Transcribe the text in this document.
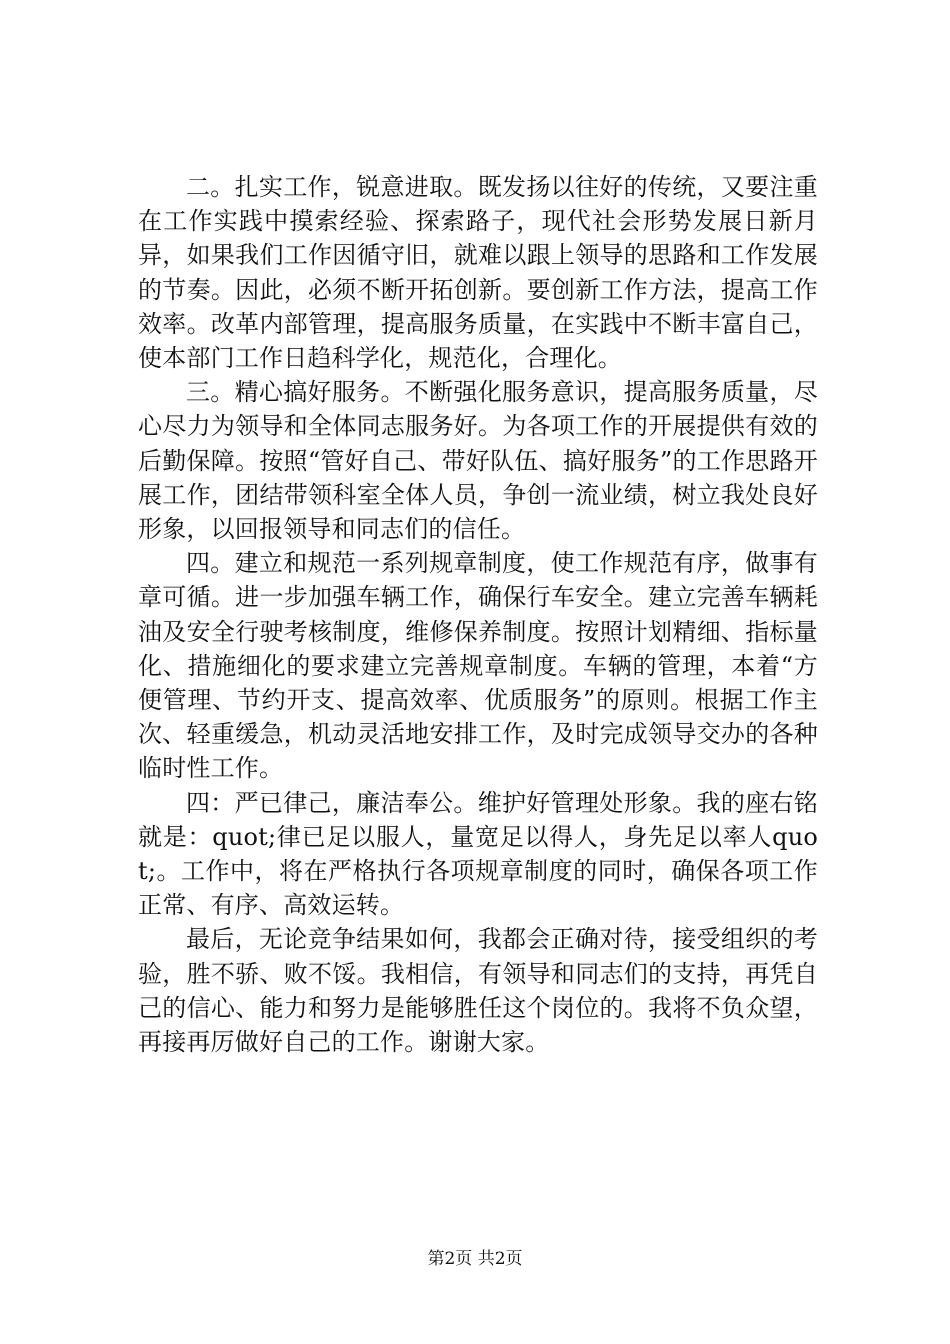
二。扎实工作，锐意进取。既发扬以往好的传统，又要注重在工作实践中摸索经验、探索路子，现代社会形势发展日新月异，如果我们工作因循守旧，就难以跟上领导的思路和工作发展的节奏。因此，必须不断开拓创新。要创新工作方法，提高工作效率。改革内部管理，提高服务质量，在实践中不断丰富自己，使本部门工作日趋科学化，规范化，合理化。

三。精心搞好服务。不断强化服务意识，提高服务质量，尽心尽力为领导和全体同志服务好。为各项工作的开展提供有效的后勤保障。按照“管好自己、带好队伍、搞好服务”的工作思路开展工作，团结带领科室全体人员，争创一流业绩，树立我处良好形象，以回报领导和同志们的信任。

四。建立和规范一系列规章制度，使工作规范有序，做事有章可循。进一步加强车辆工作，确保行车安全。建立完善车辆耗油及安全行驶考核制度，维修保养制度。按照计划精细、指标量化、措施细化的要求建立完善规章制度。车辆的管理，本着“方便管理、节约开支、提高效率、优质服务”的原则。根据工作主次、轻重缓急，机动灵活地安排工作，及时完成领导交办的各种临时性工作。

四：严已律己，廉洁奉公。维护好管理处形象。我的座右铭就是：quot;律已足以服人，量宽足以得人，身先足以率人quot;。工作中，将在严格执行各项规章制度的同时，确保各项工作正常、有序、高效运转。

最后，无论竞争结果如何，我都会正确对待，接受组织的考验，胜不骄、败不馁。我相信，有领导和同志们的支持，再凭自己的信心、能力和努力是能够胜任这个岗位的。我将不负众望，再接再厉做好自己的工作。谢谢大家。

第2页 共2页
